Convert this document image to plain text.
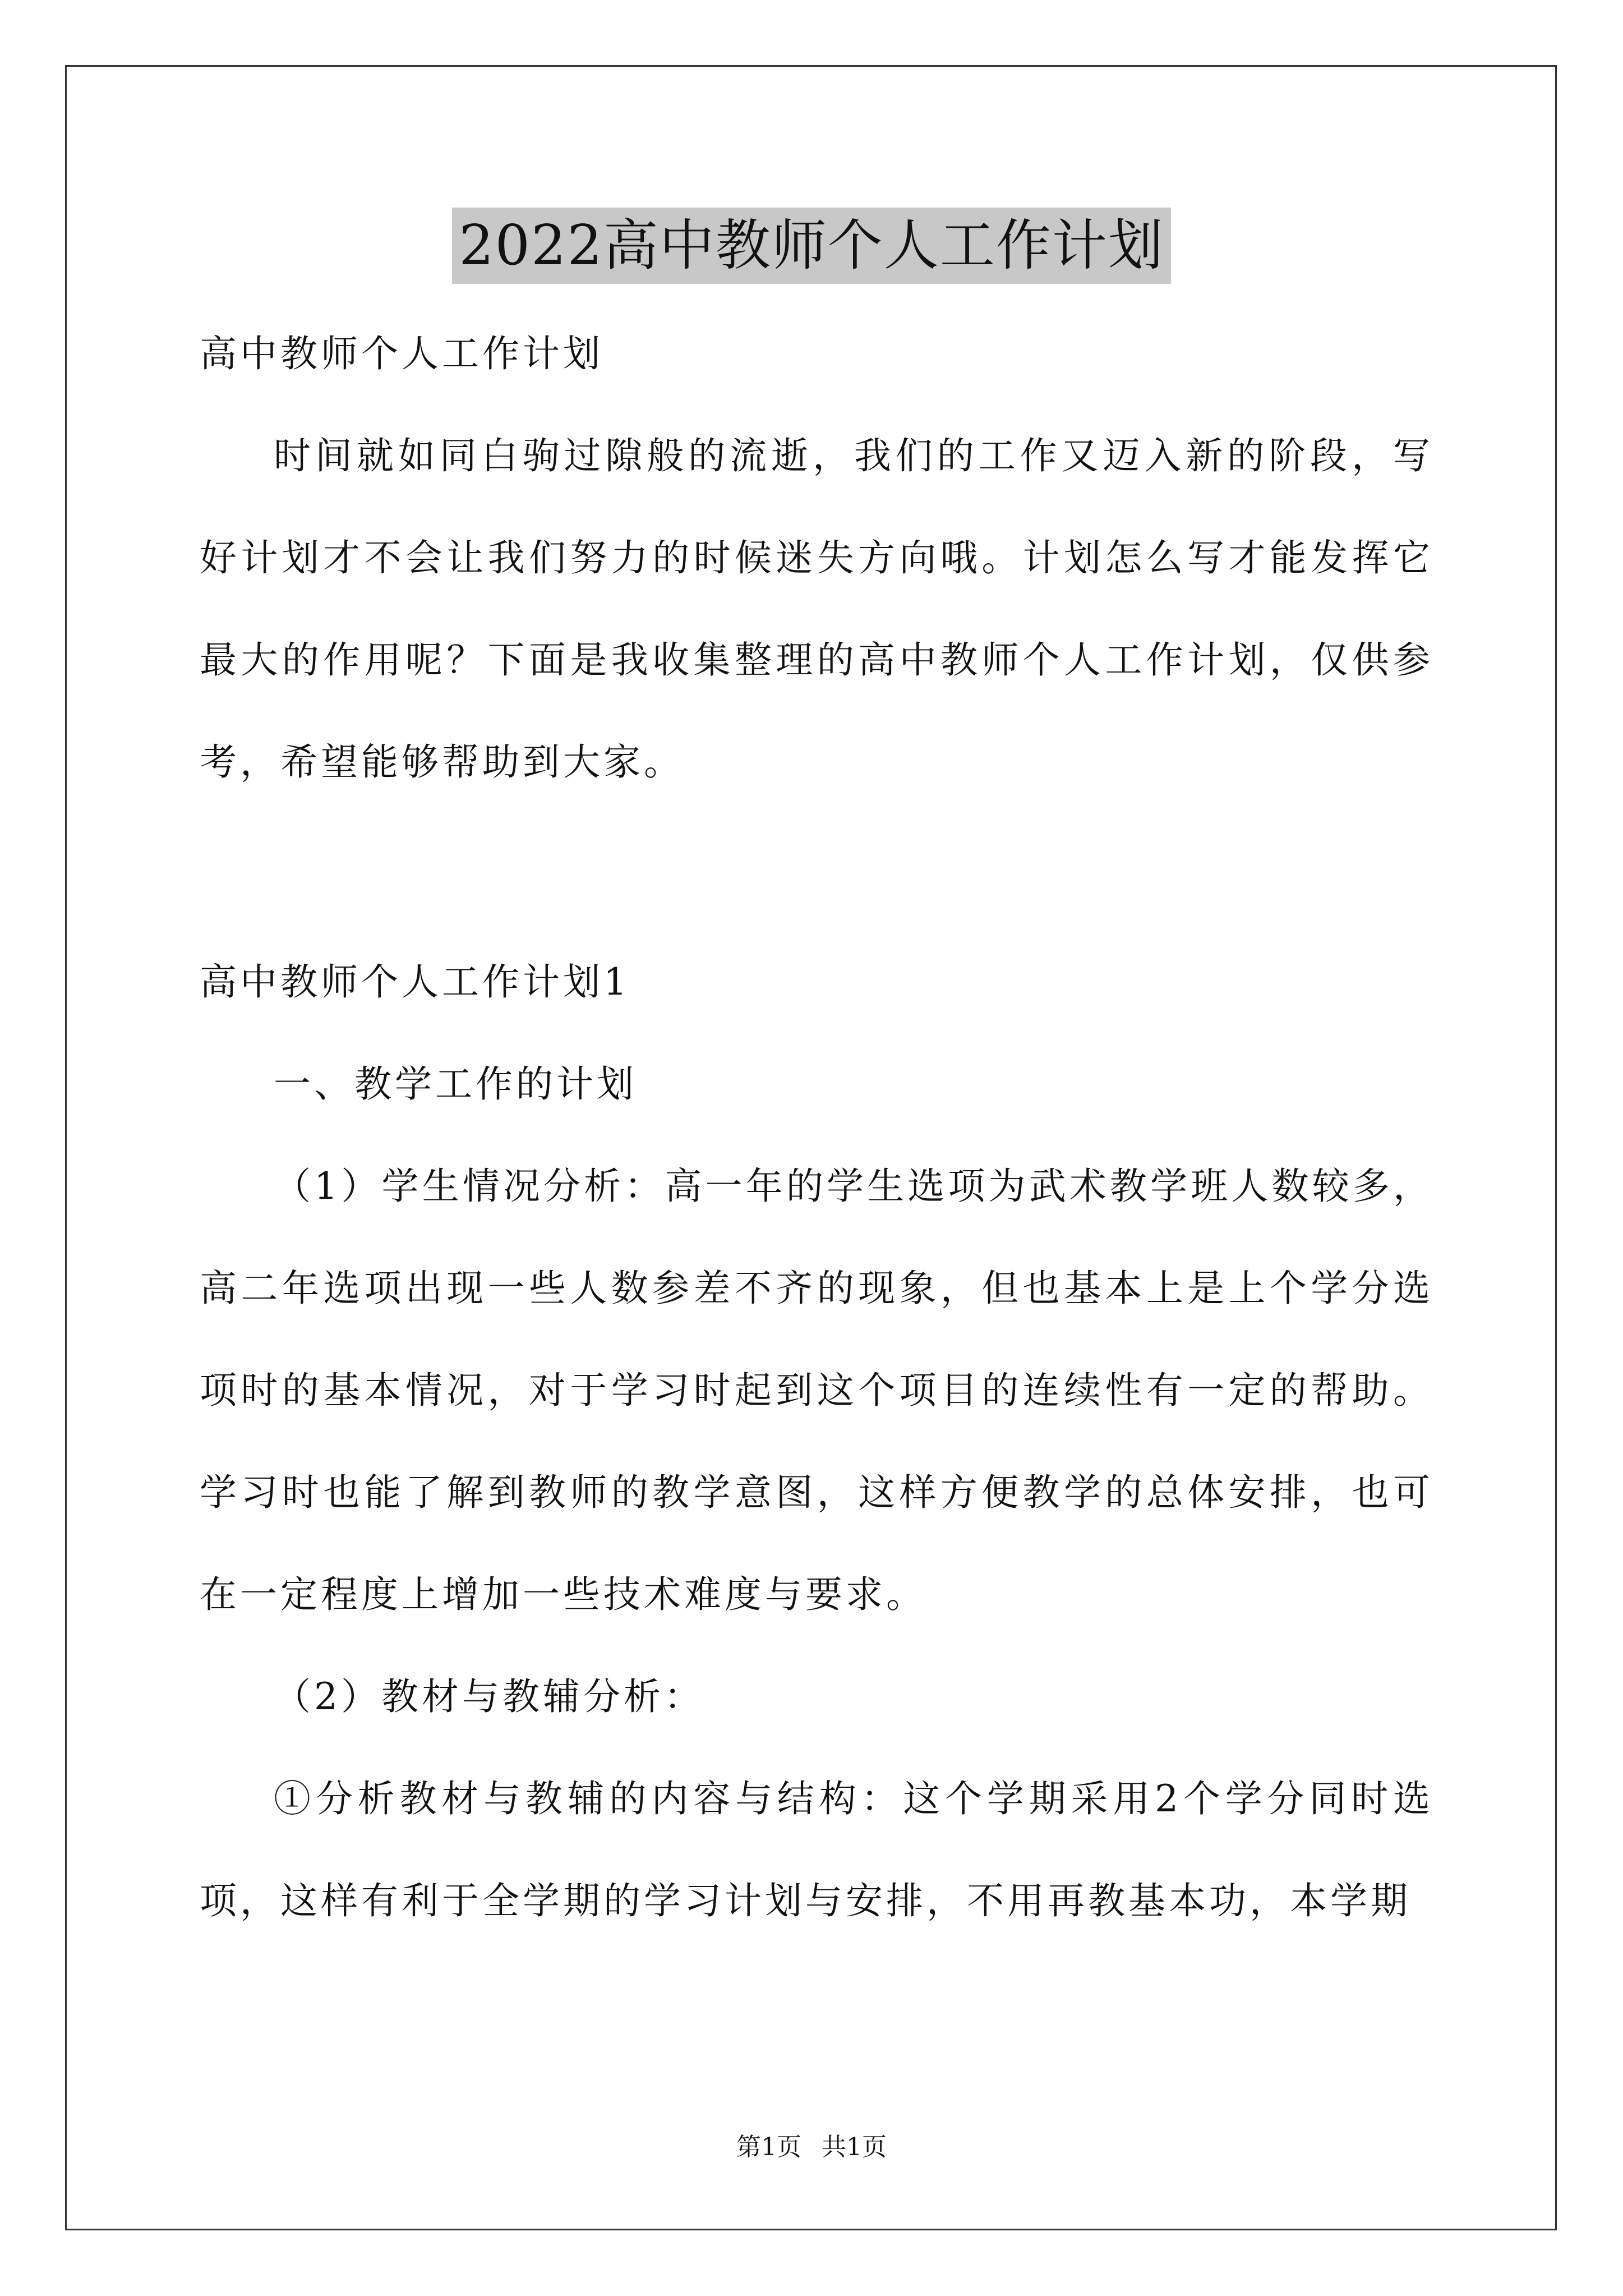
2022高中教师个人工作计划

高中教师个人工作计划

时间就如同白驹过隙般的流逝，我们的工作又迈入新的阶段，写好计划才不会让我们努力的时候迷失方向哦。计划怎么写才能发挥它最大的作用呢？下面是我收集整理的高中教师个人工作计划，仅供参考，希望能够帮助到大家。

高中教师个人工作计划1

一、教学工作的计划

（1）学生情况分析：高一年的学生选项为武术教学班人数较多，高二年选项出现一些人数参差不齐的现象，但也基本上是上个学分选项时的基本情况，对于学习时起到这个项目的连续性有一定的帮助。学习时也能了解到教师的教学意图，这样方便教学的总体安排，也可在一定程度上增加一些技术难度与要求。

（2）教材与教辅分析：

①分析教材与教辅的内容与结构：这个学期采用2个学分同时选项，这样有利于全学期的学习计划与安排，不用再教基本功，本学期

第1页 共1页
